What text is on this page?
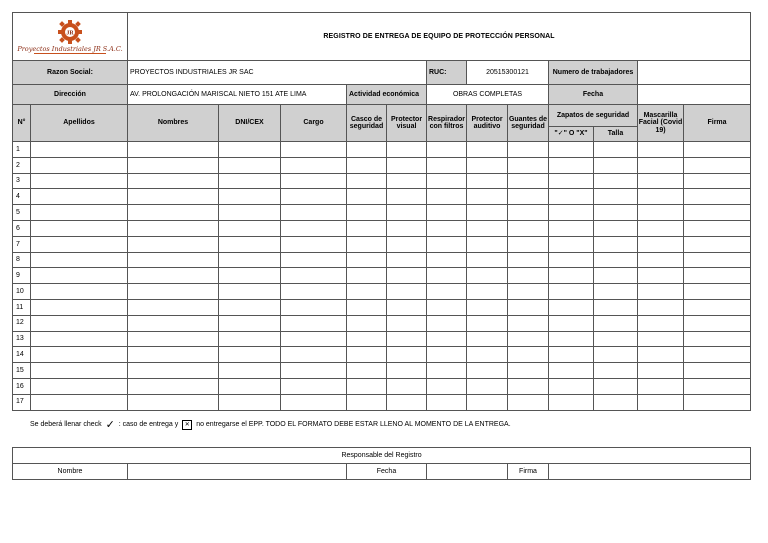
JR
Proyectos Industriales JR S.A.C.		REGISTRO DE ENTREGA DE EQUIPO DE PROTECCIÓN PERSONAL											
Razon Social:		PROYECTOS INDUSTRIALES JR SAC					RUC:	20515300121		Numero de trabajadores			
Dirección		AV. PROLONGACIÓN MARISCAL NIETO 151 ATE LIMA			Actividad económica		OBRAS COMPLETAS			Fecha			
N°	Apellidos	Nombres	DNI/CEX	Cargo	Casco de seguridad	Protector visual	Respirador con filtros	Protector auditivo	Guantes de seguridad	Zapatos de seguridad		Mascarilla Facial (Covid 19)	Firma
										"✓" O "X"	Talla		
1													
2													
3													
4													
5													
6													
7													
8													
9													
10													
11													
12													
13													
14													
15													
16													
17													
Se deberá llenar check ✓ : caso de entrega y ✕ no entregarse el EPP. TODO EL FORMATO DEBE ESTAR LLENO AL MOMENTO DE LA ENTREGA.
Responsable del Registro
Nombre		Fecha		Firma	
